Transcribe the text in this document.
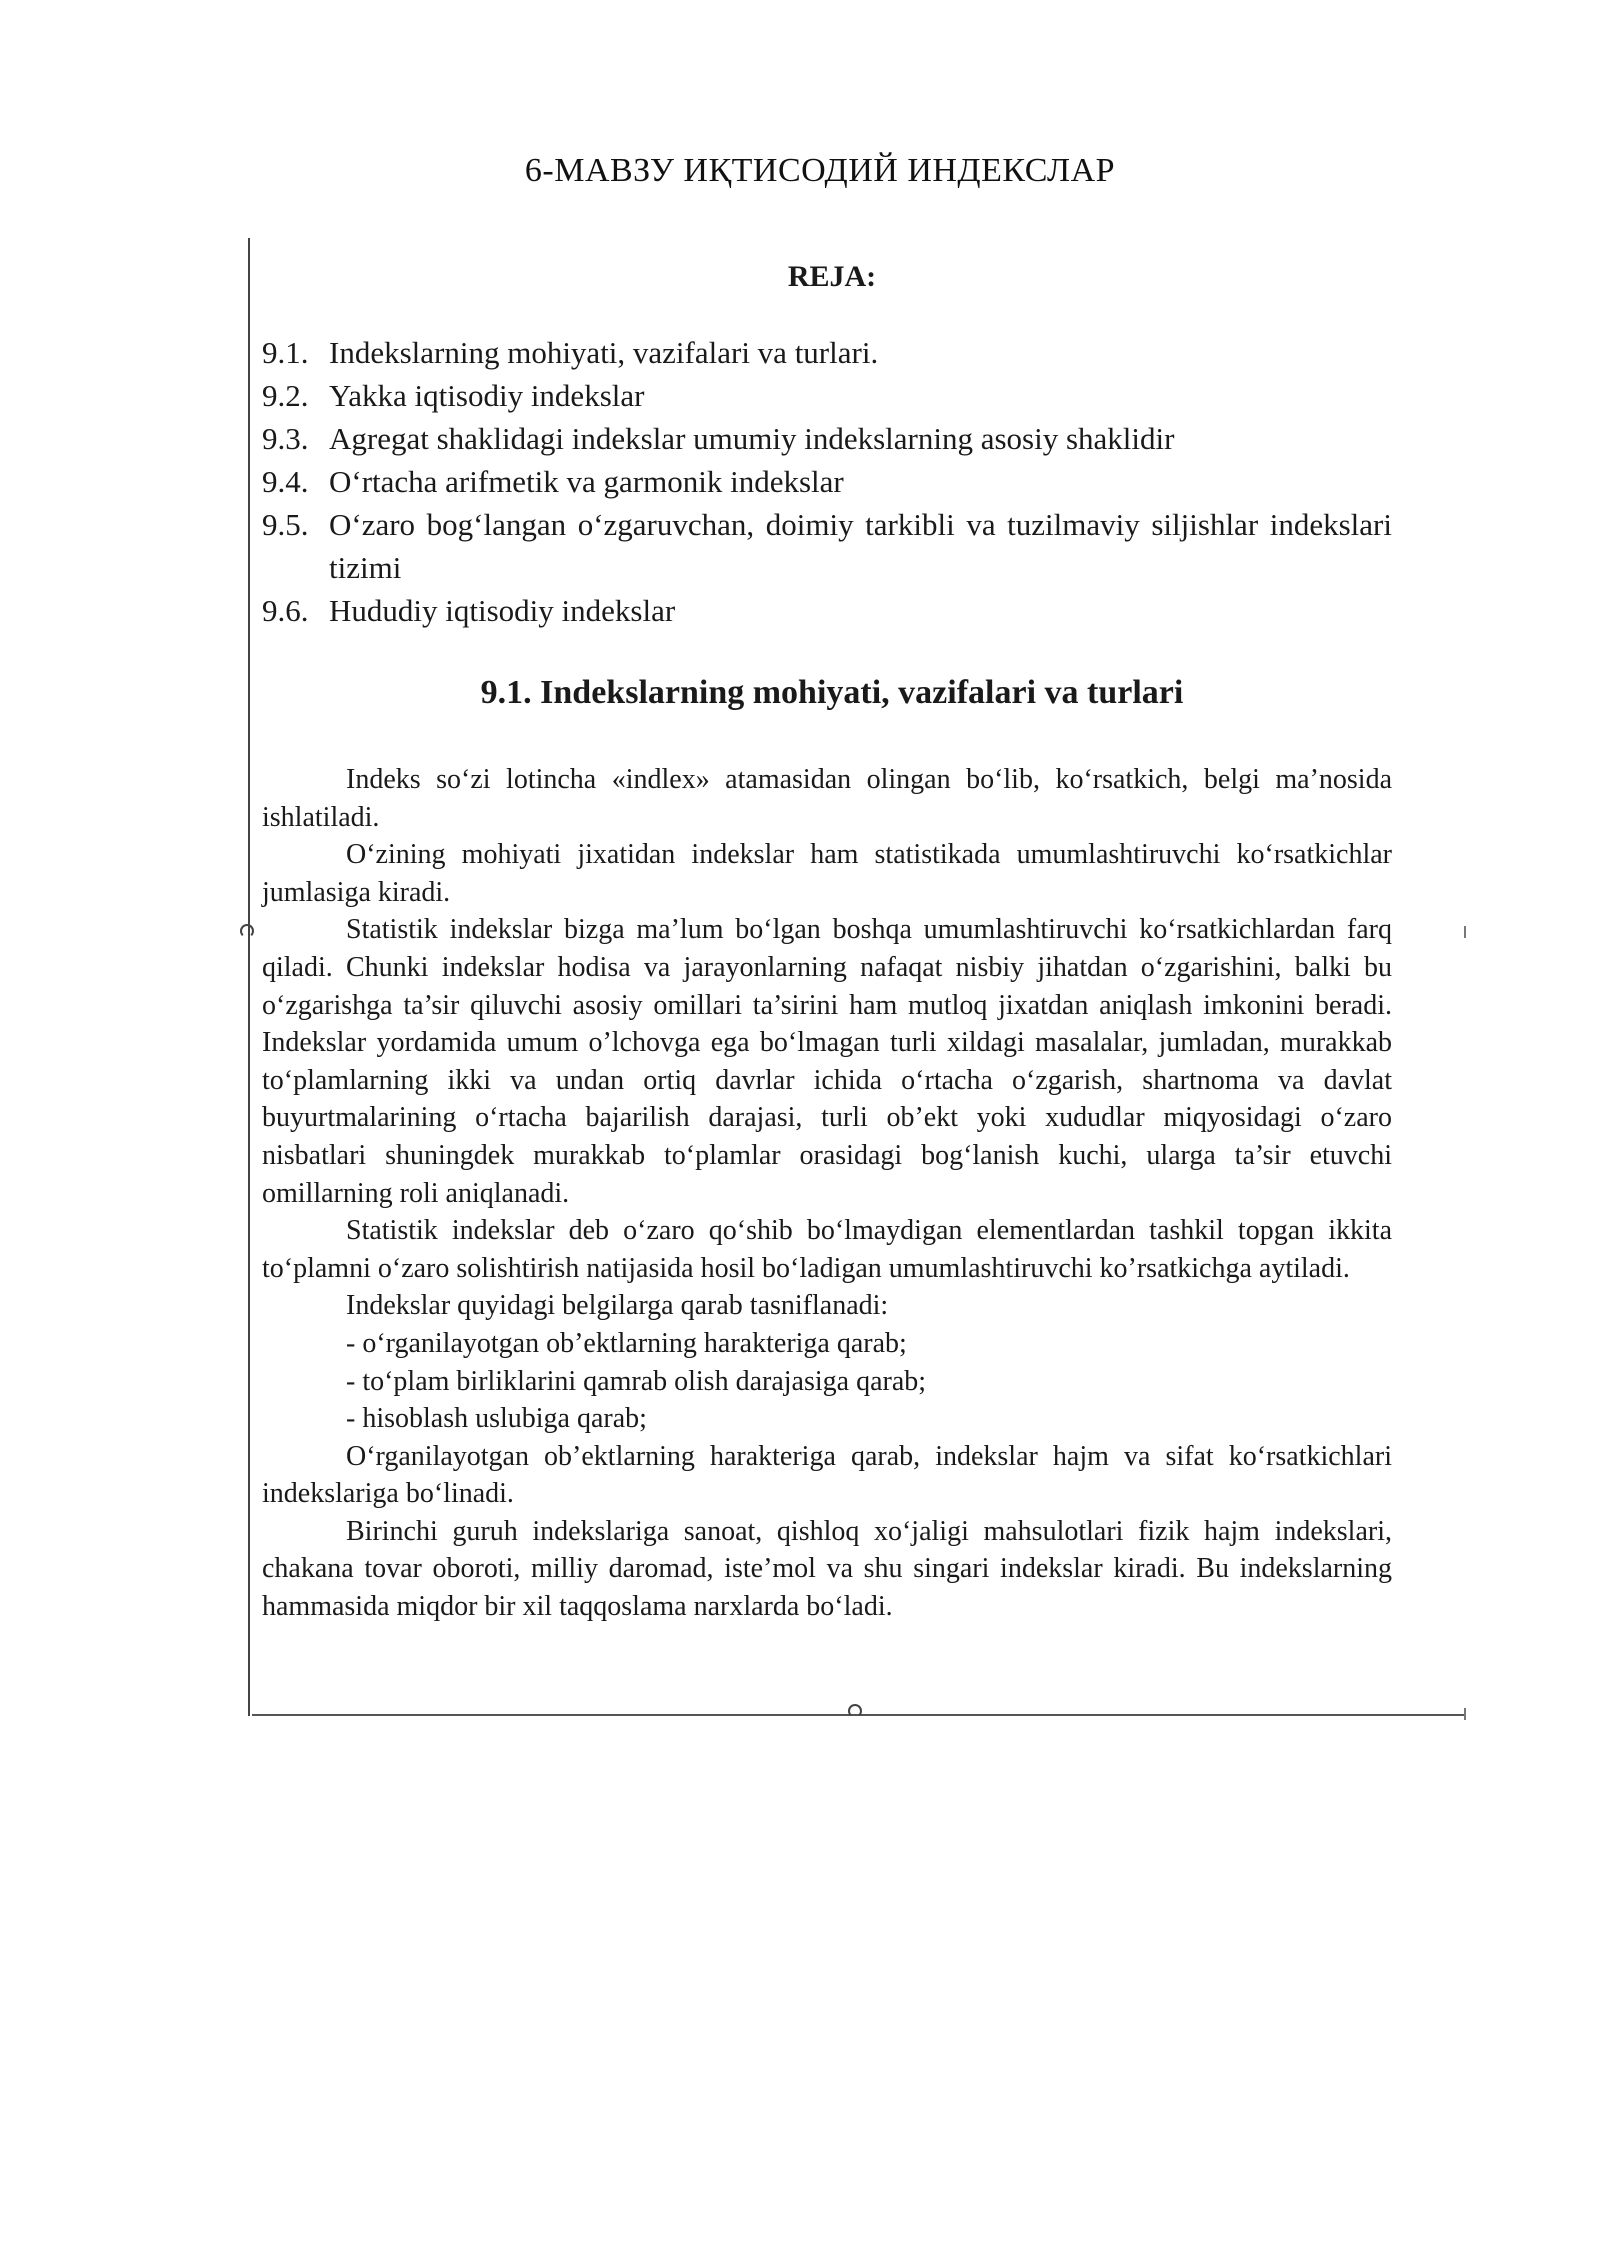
6-МАВЗУ ИҚТИСОДИЙ ИНДЕКСЛАР
REJA:
9.1. Indekslarning mohiyati, vazifalari va turlari.
9.2. Yakka iqtisodiy indekslar
9.3. Agregat shaklidagi indekslar umumiy indekslarning asosiy shaklidir
9.4. O‘rtacha arifmetik va garmonik indekslar
9.5. O‘zaro bog‘langan o‘zgaruvchan, doimiy tarkibli va tuzilmaviy siljishlar indekslari tizimi
9.6. Hududiy iqtisodiy indekslar
9.1. Indekslarning mohiyati, vazifalari va turlari

Indeks so‘zi lotincha «indlex» atamasidan olingan bo‘lib, ko‘rsatkich, belgi ma’nosida ishlatiladi.

O‘zining mohiyati jixatidan indekslar ham statistikada umumlashtiruvchi ko‘rsatkichlar jumlasiga kiradi.

Statistik indekslar bizga ma’lum bo‘lgan boshqa umumlashtiruvchi ko‘rsatkichlardan farq qiladi. Chunki indekslar hodisa va jarayonlarning nafaqat nisbiy jihatdan o‘zgarishini, balki bu o‘zgarishga ta’sir qiluvchi asosiy omillari ta’sirini ham mutloq jixatdan aniqlash imkonini beradi. Indekslar yordamida umum o’lchovga ega bo‘lmagan turli xildagi masalalar, jumladan, murakkab to‘plamlarning ikki va undan ortiq davrlar ichida o‘rtacha o‘zgarish, shartnoma va davlat buyurtmalarining o‘rtacha bajarilish darajasi, turli ob’ekt yoki xududlar miqyosidagi o‘zaro nisbatlari shuningdek murakkab to‘plamlar orasidagi bog‘lanish kuchi, ularga ta’sir etuvchi omillarning roli aniqlanadi.

Statistik indekslar deb o‘zaro qo‘shib bo‘lmaydigan elementlardan tashkil topgan ikkita to‘plamni o‘zaro solishtirish natijasida hosil bo‘ladigan umumlashtiruvchi ko’rsatkichga aytiladi.

Indekslar quyidagi belgilarga qarab tasniflanadi:

- o‘rganilayotgan ob’ektlarning harakteriga qarab;

- to‘plam birliklarini qamrab olish darajasiga qarab;

- hisoblash uslubiga qarab;

O‘rganilayotgan ob’ektlarning harakteriga qarab, indekslar hajm va sifat ko‘rsatkichlari indekslariga bo‘linadi.

Birinchi guruh indekslariga sanoat, qishloq xo‘jaligi mahsulotlari fizik hajm indekslari, chakana tovar oboroti, milliy daromad, iste’mol va shu singari indekslar kiradi. Bu indekslarning hammasida miqdor bir xil taqqoslama narxlarda bo‘ladi.
